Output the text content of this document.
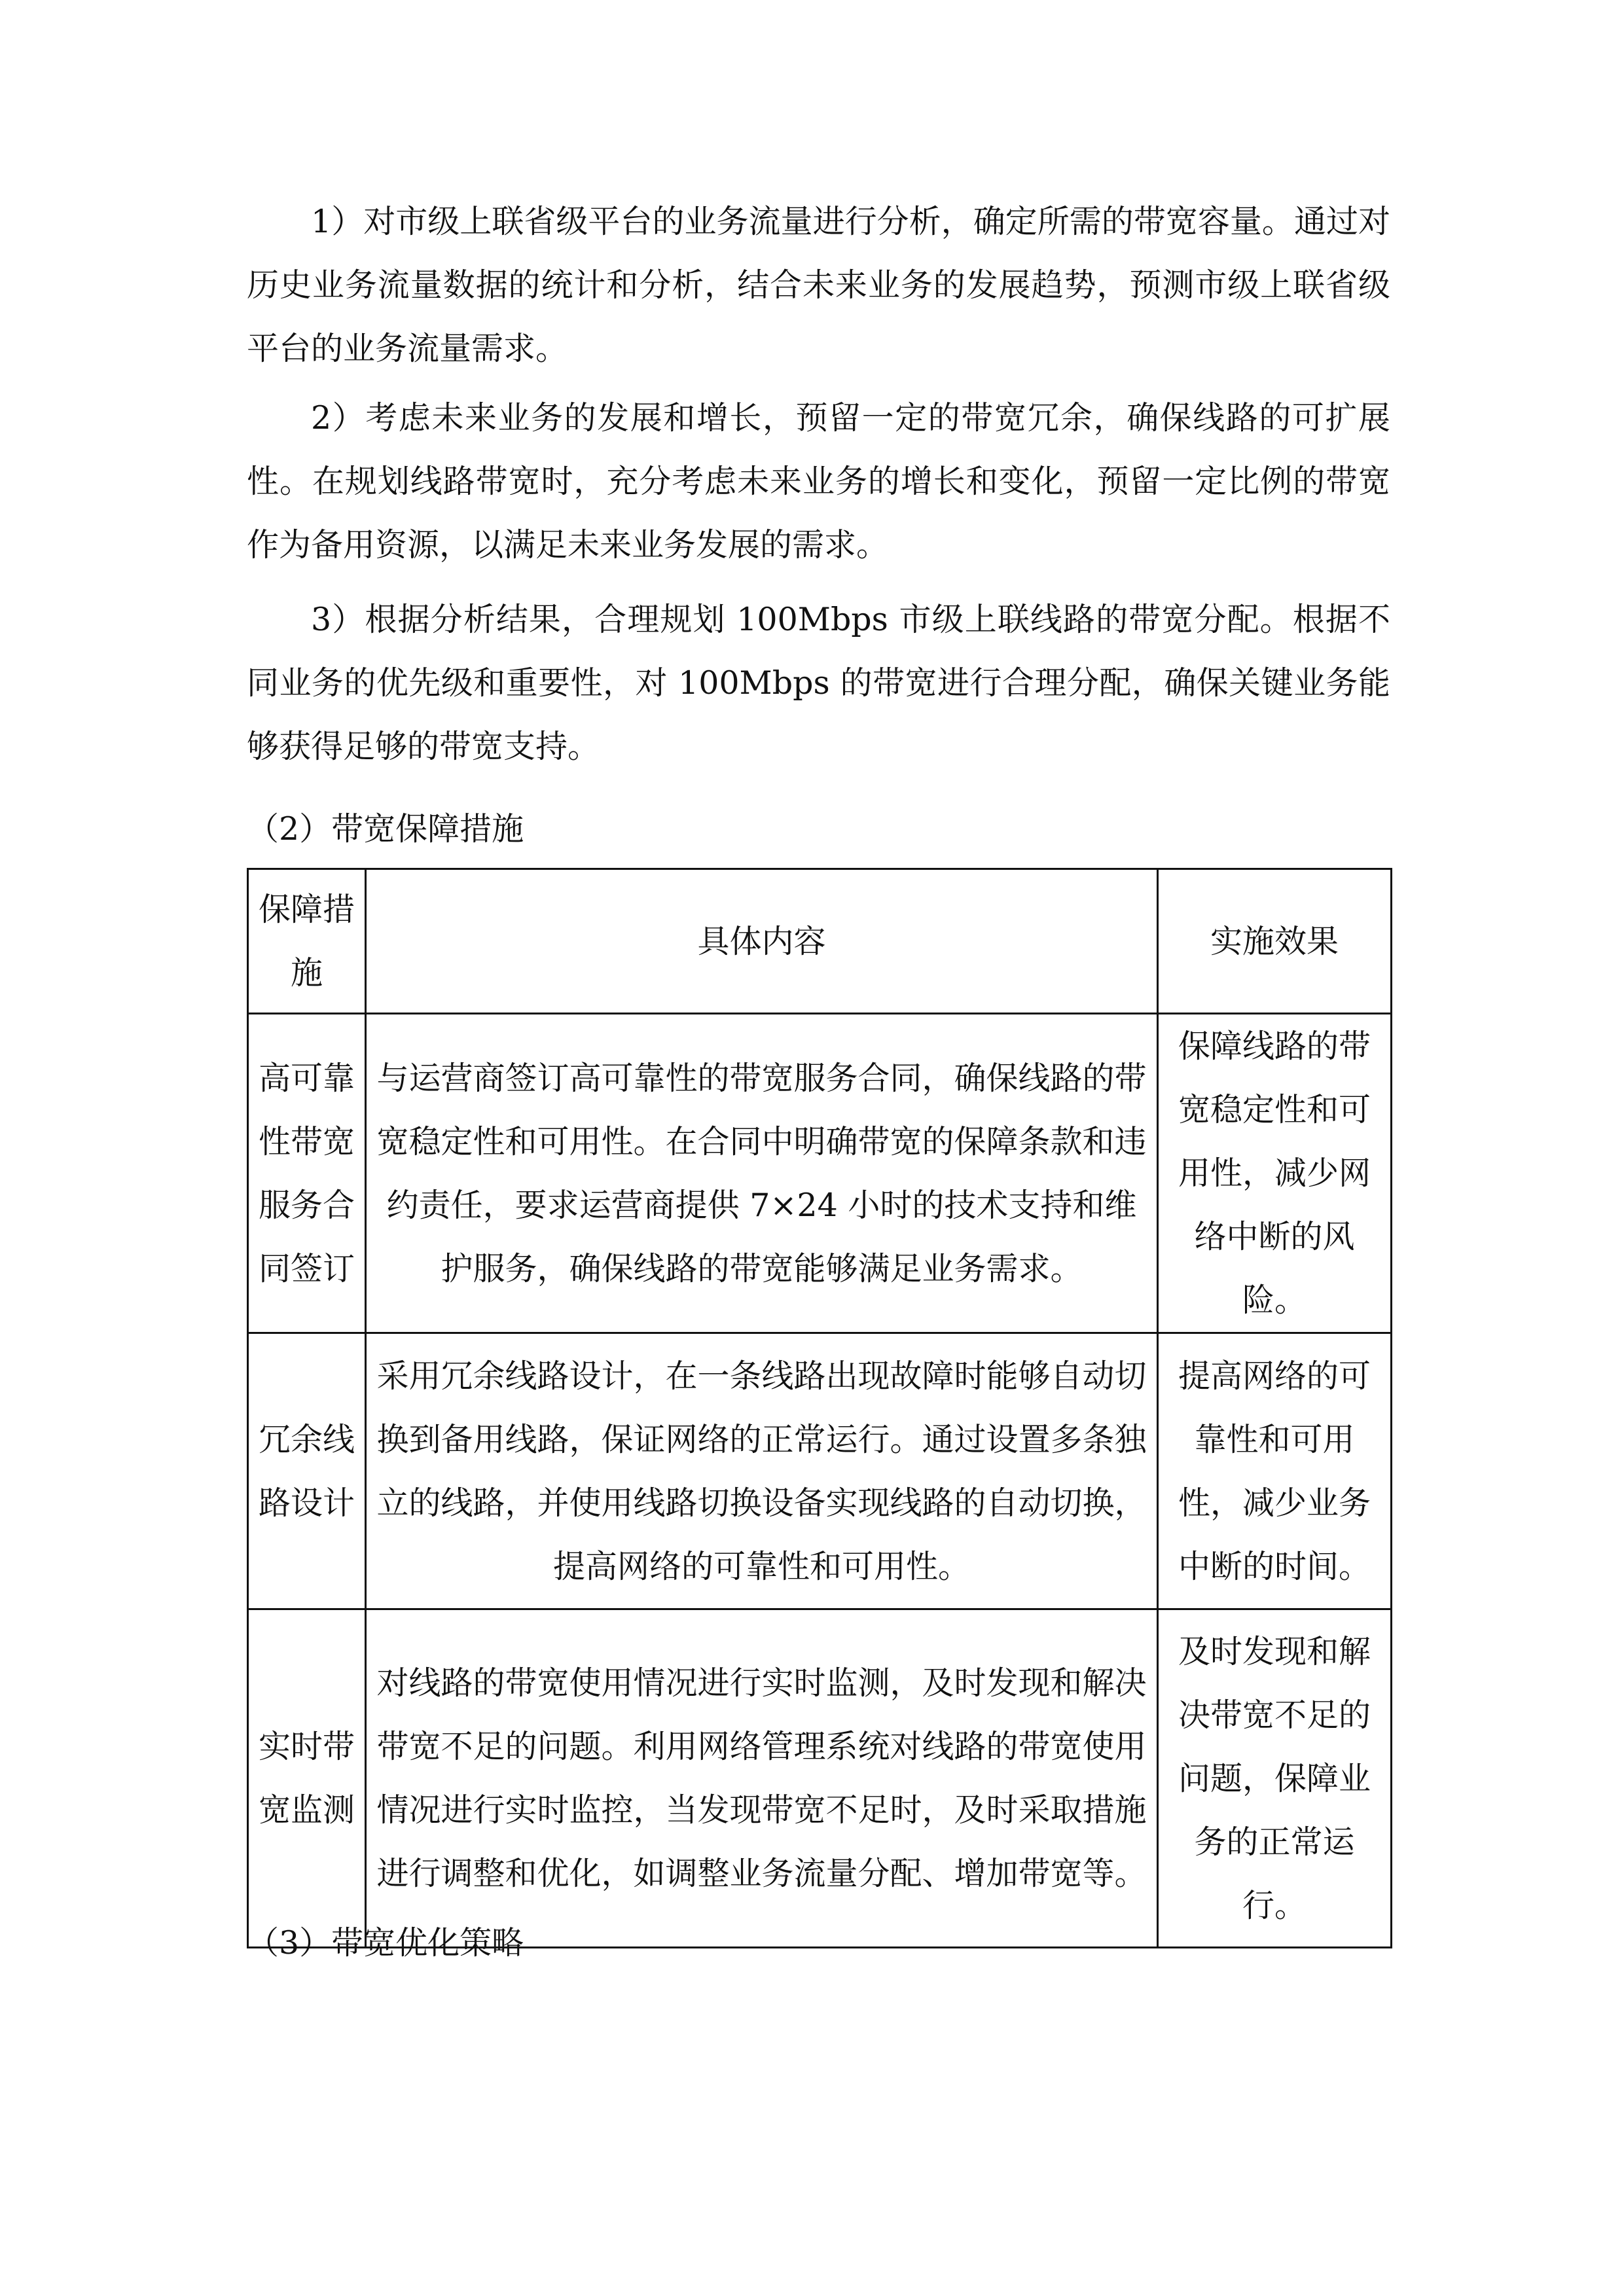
1）对市级上联省级平台的业务流量进行分析，确定所需的带宽容量。通过对历史业务流量数据的统计和分析，结合未来业务的发展趋势，预测市级上联省级平台的业务流量需求。

2）考虑未来业务的发展和增长，预留一定的带宽冗余，确保线路的可扩展性。在规划线路带宽时，充分考虑未来业务的增长和变化，预留一定比例的带宽作为备用资源，以满足未来业务发展的需求。

3）根据分析结果，合理规划 100Mbps 市级上联线路的带宽分配。根据不同业务的优先级和重要性，对 100Mbps 的带宽进行合理分配，确保关键业务能够获得足够的带宽支持。

（2）带宽保障措施

保障措施	具体内容	实施效果
高可靠性带宽服务合同签订	与运营商签订高可靠性的带宽服务合同，确保线路的带宽稳定性和可用性。在合同中明确带宽的保障条款和违约责任，要求运营商提供 7×24 小时的技术支持和维护服务，确保线路的带宽能够满足业务需求。	保障线路的带宽稳定性和可用性，减少网络中断的风险。
冗余线路设计	采用冗余线路设计，在一条线路出现故障时能够自动切换到备用线路，保证网络的正常运行。通过设置多条独立的线路，并使用线路切换设备实现线路的自动切换，提高网络的可靠性和可用性。	提高网络的可靠性和可用性，减少业务中断的时间。
实时带宽监测	对线路的带宽使用情况进行实时监测，及时发现和解决带宽不足的问题。利用网络管理系统对线路的带宽使用情况进行实时监控，当发现带宽不足时，及时采取措施进行调整和优化，如调整业务流量分配、增加带宽等。	及时发现和解决带宽不足的问题，保障业务的正常运行。

（3）带宽优化策略
